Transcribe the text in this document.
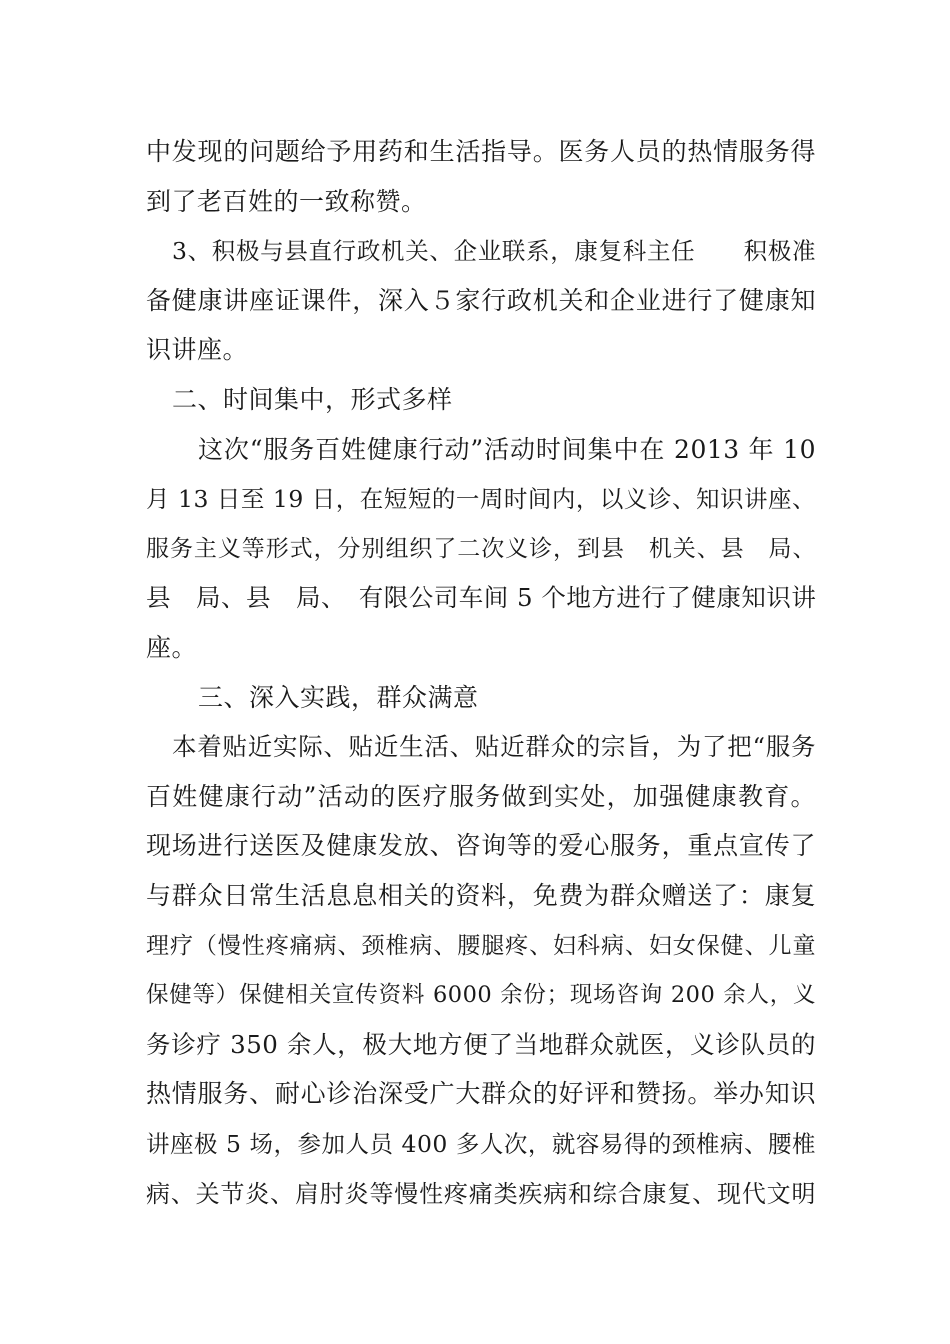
中发现的问题给予用药和生活指导。医务人员的热情服务得
到了老百姓的一致称赞。
3、积极与县直行政机关、企业联系，康复科主任　　积极准
备健康讲座证课件，深入５家行政机关和企业进行了健康知
识讲座。
二、时间集中，形式多样
这次“服务百姓健康行动”活动时间集中在 2013 年 10
月 13 日至 19 日，在短短的一周时间内，以义诊、知识讲座、
服务主义等形式，分别组织了二次义诊，到县　机关、县　局、
县　局、县　局、　有限公司车间 5 个地方进行了健康知识讲
座。
三、深入实践，群众满意
本着贴近实际、贴近生活、贴近群众的宗旨，为了把“服务
百姓健康行动”活动的医疗服务做到实处，加强健康教育。
现场进行送医及健康发放、咨询等的爱心服务，重点宣传了
与群众日常生活息息相关的资料，免费为群众赠送了：康复
理疗（慢性疼痛病、颈椎病、腰腿疼、妇科病、妇女保健、儿童
保健等）保健相关宣传资料 6000 余份；现场咨询 200 余人，义
务诊疗 350 余人，极大地方便了当地群众就医，义诊队员的
热情服务、耐心诊治深受广大群众的好评和赞扬。举办知识
讲座极 5 场，参加人员 400 多人次，就容易得的颈椎病、腰椎
病、关节炎、肩肘炎等慢性疼痛类疾病和综合康复、现代文明
